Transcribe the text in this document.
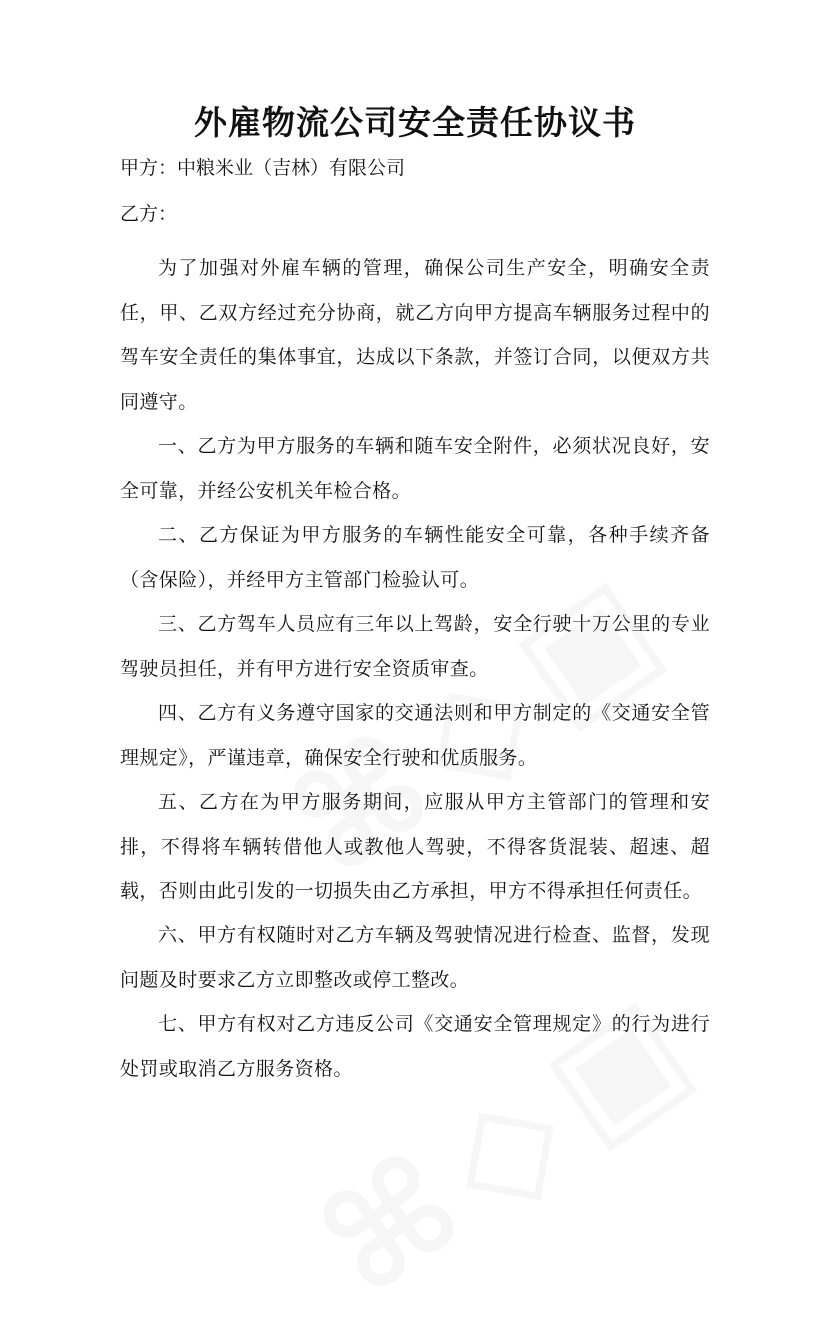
外雇物流公司安全责任协议书
甲方：中粮米业（吉林）有限公司
乙方：

为了加强对外雇车辆的管理，确保公司生产安全，明确安全责任，甲、乙双方经过充分协商，就乙方向甲方提高车辆服务过程中的驾车安全责任的集体事宜，达成以下条款，并签订合同，以便双方共同遵守。

一、乙方为甲方服务的车辆和随车安全附件，必须状况良好，安全可靠，并经公安机关年检合格。

二、乙方保证为甲方服务的车辆性能安全可靠，各种手续齐备（含保险），并经甲方主管部门检验认可。

三、乙方驾车人员应有三年以上驾龄，安全行驶十万公里的专业驾驶员担任，并有甲方进行安全资质审查。

四、乙方有义务遵守国家的交通法则和甲方制定的《交通安全管理规定》，严谨违章，确保安全行驶和优质服务。

五、乙方在为甲方服务期间，应服从甲方主管部门的管理和安排，不得将车辆转借他人或教他人驾驶，不得客货混装、超速、超载，否则由此引发的一切损失由乙方承担，甲方不得承担任何责任。

六、甲方有权随时对乙方车辆及驾驶情况进行检查、监督，发现问题及时要求乙方立即整改或停工整改。

七、甲方有权对乙方违反公司《交通安全管理规定》的行为进行处罚或取消乙方服务资格。
